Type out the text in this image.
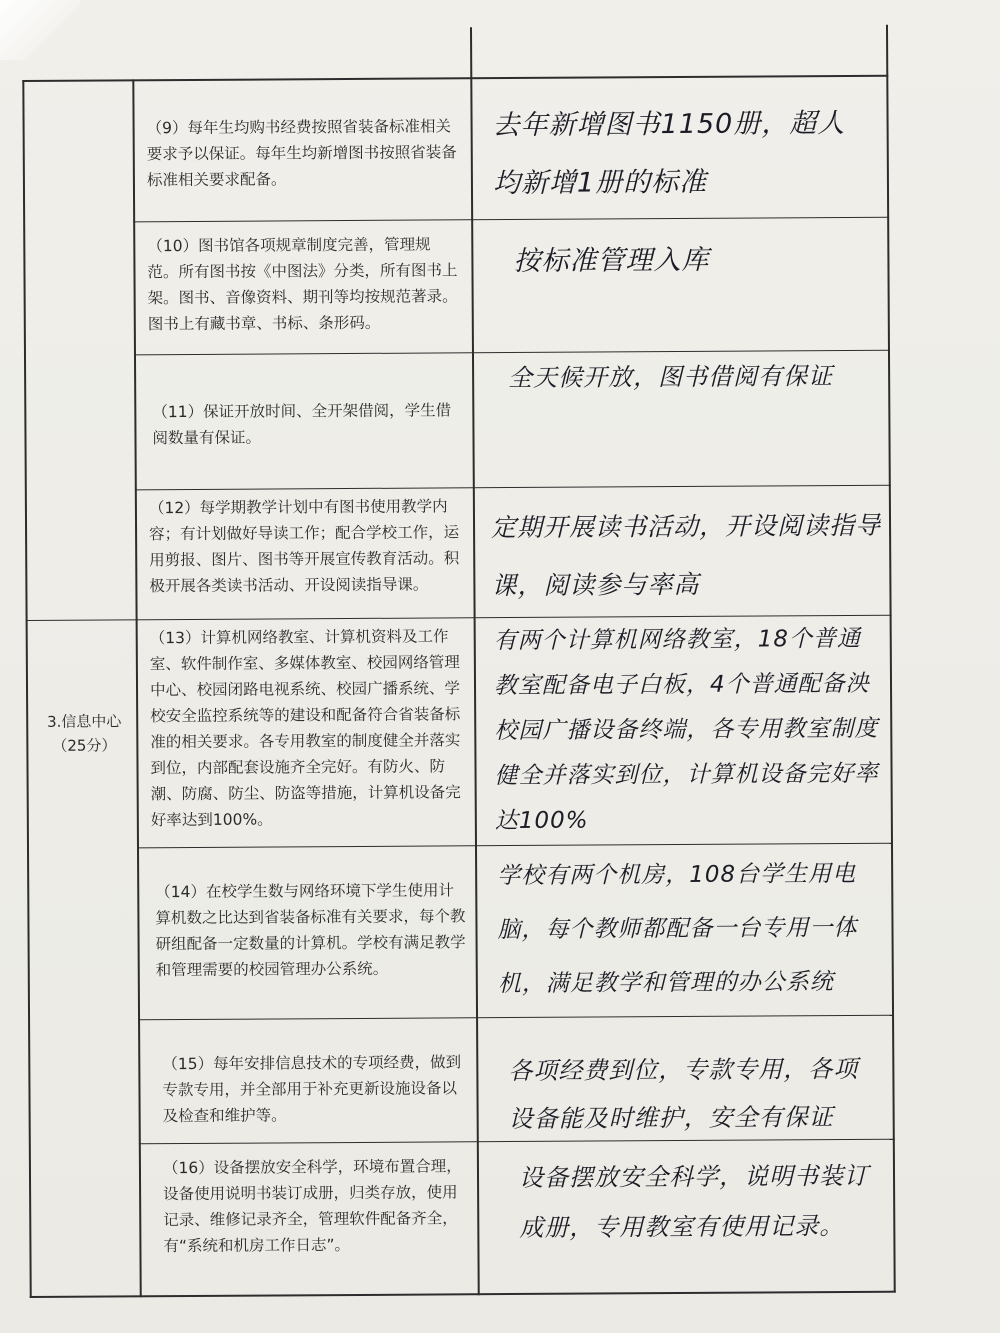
3.信息中心
（25分）
（9）每年生均购书经费按照省装备标准相关要求予以保证。每年生均新增图书按照省装备标准相关要求配备。
（10）图书馆各项规章制度完善，管理规范。所有图书按《中图法》分类，所有图书上架。图书、音像资料、期刊等均按规范著录。图书上有藏书章、书标、条形码。
（11）保证开放时间、全开架借阅，学生借阅数量有保证。
（12）每学期教学计划中有图书使用教学内容；有计划做好导读工作；配合学校工作，运用剪报、图片、图书等开展宣传教育活动。积极开展各类读书活动、开设阅读指导课。
（13）计算机网络教室、计算机资料及工作室、软件制作室、多媒体教室、校园网络管理中心、校园闭路电视系统、校园广播系统、学校安全监控系统等的建设和配备符合省装备标准的相关要求。各专用教室的制度健全并落实到位，内部配套设施齐全完好。有防火、防潮、防腐、防尘、防盗等措施，计算机设备完好率达到100%。
（14）在校学生数与网络环境下学生使用计算机数之比达到省装备标准有关要求，每个教研组配备一定数量的计算机。学校有满足教学和管理需要的校园管理办公系统。
（15）每年安排信息技术的专项经费，做到专款专用，并全部用于补充更新设施设备以及检查和维护等。
（16）设备摆放安全科学，环境布置合理，设备使用说明书装订成册，归类存放，使用记录、维修记录齐全，管理软件配备齐全，有“系统和机房工作日志”。
去年新增图书1150册，超人均新增1册的标准
按标准管理入库
全天候开放，图书借阅有保证
定期开展读书活动，开设阅读指导课，阅读参与率高
有两个计算机网络教室，18个普通教室配备电子白板，4个普通配备泱校园广播设备终端，各专用教室制度健全并落实到位，计算机设备完好率达100%
学校有两个机房，108台学生用电脑，每个教师都配备一台专用一体机，满足教学和管理的办公系统
各项经费到位，专款专用，各项设备能及时维护，安全有保证
设备摆放安全科学，说明书装订成册，专用教室有使用记录。
